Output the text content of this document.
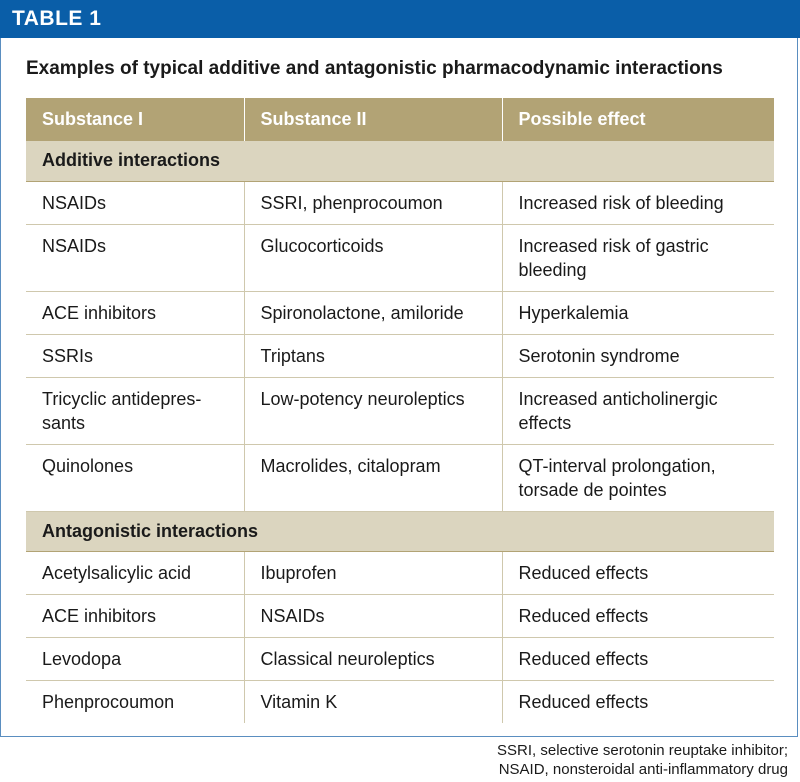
TABLE 1
Examples of typical additive and antagonistic pharmacodynamic interactions
Substance I	Substance II	Possible effect
Additive interactions		
NSAIDs	SSRI, phenprocoumon	Increased risk of bleeding
NSAIDs	Glucocorticoids	Increased risk of gastric bleeding
ACE inhibitors	Spironolactone, amiloride	Hyperkalemia
SSRIs	Triptans	Serotonin syndrome
Tricyclic antidepres-sants	Low-potency neuroleptics	Increased anticholinergic effects
Quinolones	Macrolides, citalopram	QT-interval prolongation, torsade de pointes
Antagonistic interactions		
Acetylsalicylic acid	Ibuprofen	Reduced effects
ACE inhibitors	NSAIDs	Reduced effects
Levodopa	Classical neuroleptics	Reduced effects
Phenprocoumon	Vitamin K	Reduced effects
SSRI, selective serotonin reuptake inhibitor;
NSAID, nonsteroidal anti-inflammatory drug
